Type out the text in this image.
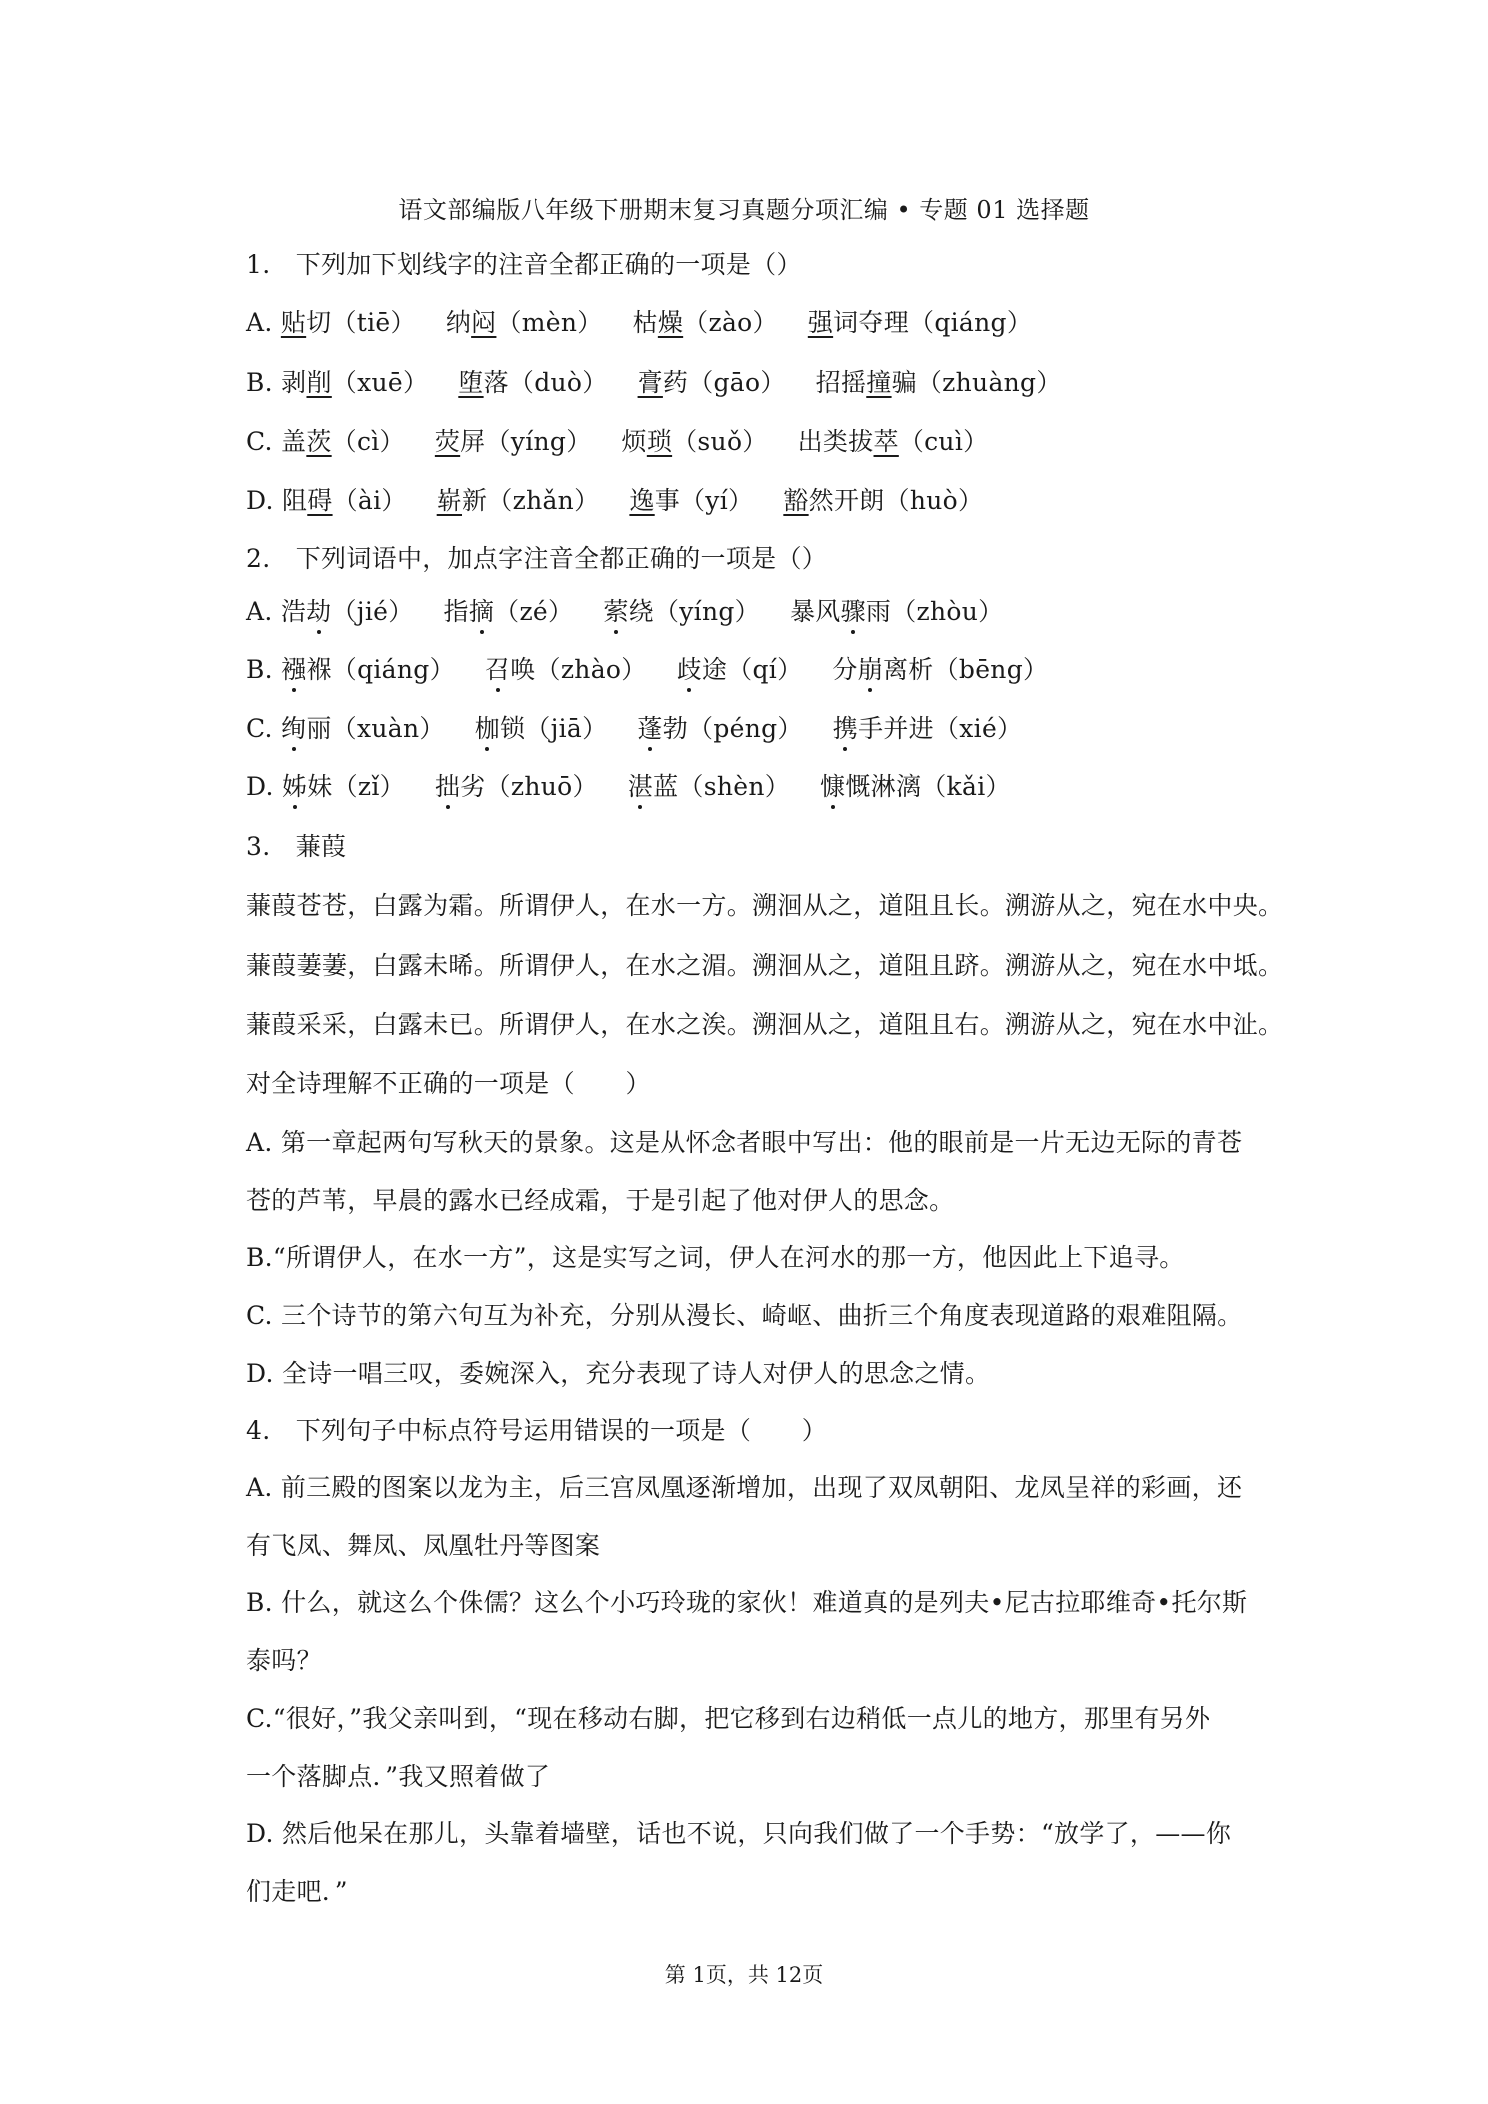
语文部编版八年级下册期末复习真题分项汇编 • 专题 01 选择题
1.　下列加下划线字的注音全都正确的一项是（）
A. 贴切（tiē） 纳闷（mèn） 枯燥（zào） 强词夺理（qiáng）
B. 剥削（xuē） 堕落（duò） 膏药（gāo） 招摇撞骗（zhuàng）
C. 盖茨（cì） 荧屏（yíng） 烦琐（suǒ） 出类拔萃（cuì）
D. 阻碍（ài） 崭新（zhǎn） 逸事（yí） 豁然开朗（huò）
2.　下列词语中，加点字注音全都正确的一项是（）
A. 浩劫（jié） 指摘（zé） 萦绕（yíng） 暴风骤雨（zhòu）
B. 襁褓（qiáng） 召唤（zhào） 歧途（qí） 分崩离析（bēng）
C. 绚丽（xuàn） 枷锁（jiā） 蓬勃（péng） 携手并进（xié）
D. 姊妹（zǐ） 拙劣（zhuō） 湛蓝（shèn） 慷慨淋漓（kǎi）
3.　蒹葭
蒹葭苍苍，白露为霜。所谓伊人，在水一方。溯洄从之，道阻且长。溯游从之，宛在水中央。
蒹葭萋萋，白露未晞。所谓伊人，在水之湄。溯洄从之，道阻且跻。溯游从之，宛在水中坻。
蒹葭采采，白露未已。所谓伊人，在水之涘。溯洄从之，道阻且右。溯游从之，宛在水中沚。
对全诗理解不正确的一项是（　　）
A. 第一章起两句写秋天的景象。这是从怀念者眼中写出：他的眼前是一片无边无际的青苍
苍的芦苇，早晨的露水已经成霜，于是引起了他对伊人的思念。
B.“所谓伊人，在水一方”，这是实写之词，伊人在河水的那一方，他因此上下追寻。
C. 三个诗节的第六句互为补充，分别从漫长、崎岖、曲折三个角度表现道路的艰难阻隔。
D. 全诗一唱三叹，委婉深入，充分表现了诗人对伊人的思念之情。
4.　下列句子中标点符号运用错误的一项是（　　）
A. 前三殿的图案以龙为主，后三宫凤凰逐渐增加，出现了双凤朝阳、龙凤呈祥的彩画，还
有飞凤、舞凤、凤凰牡丹等图案
B. 什么，就这么个侏儒？这么个小巧玲珑的家伙！难道真的是列夫•尼古拉耶维奇•托尔斯
泰吗？
C.“很好，”我父亲叫到，“现在移动右脚，把它移到右边稍低一点儿的地方，那里有另外
一个落脚点．”我又照着做了
D. 然后他呆在那儿，头靠着墙壁，话也不说，只向我们做了一个手势：“放学了，——你
们走吧．”
第 1页，共 12页
